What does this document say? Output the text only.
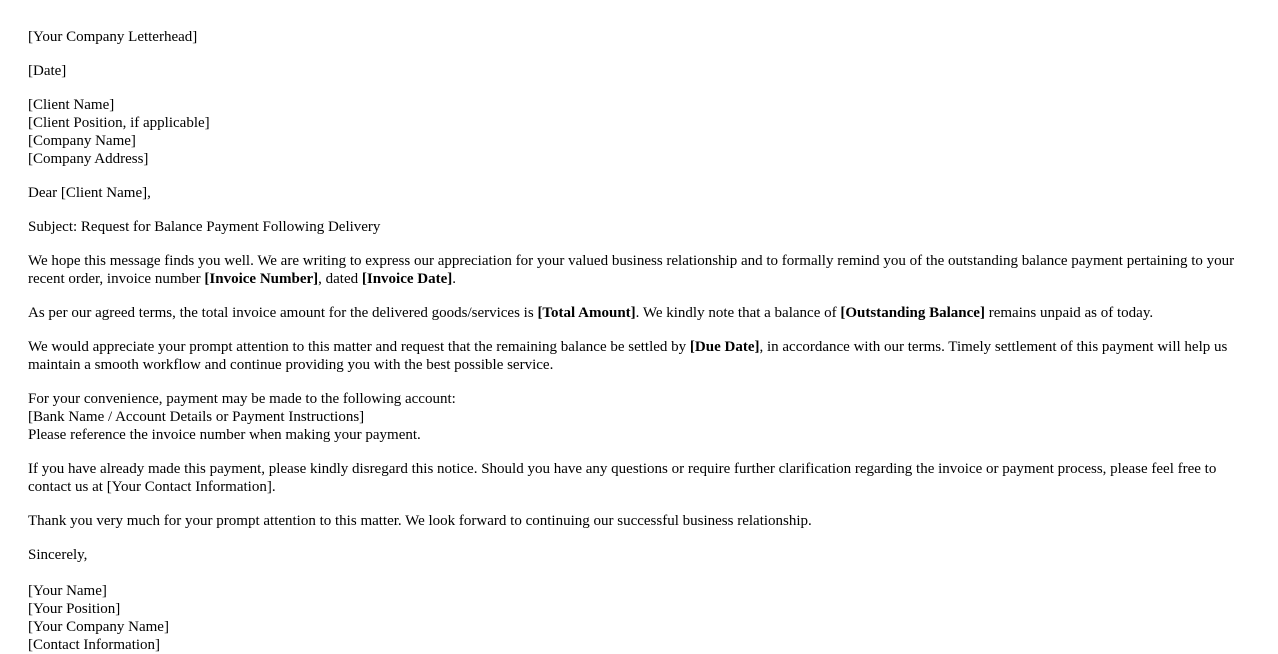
[Your Company Letterhead]
[Date]
[Client Name]
[Client Position, if applicable]
[Company Name]
[Company Address]

Dear [Client Name],

Subject: Request for Balance Payment Following Delivery

We hope this message finds you well. We are writing to express our appreciation for your valued business relationship and to formally remind you of the outstanding balance payment pertaining to your recent order, invoice number [Invoice Number], dated [Invoice Date].

As per our agreed terms, the total invoice amount for the delivered goods/services is [Total Amount]. We kindly note that a balance of [Outstanding Balance] remains unpaid as of today.

We would appreciate your prompt attention to this matter and request that the remaining balance be settled by [Due Date], in accordance with our terms. Timely settlement of this payment will help us maintain a smooth workflow and continue providing you with the best possible service.

For your convenience, payment may be made to the following account:
[Bank Name / Account Details or Payment Instructions]
Please reference the invoice number when making your payment.

If you have already made this payment, please kindly disregard this notice. Should you have any questions or require further clarification regarding the invoice or payment process, please feel free to contact us at [Your Contact Information].

Thank you very much for your prompt attention to this matter. We look forward to continuing our successful business relationship.

Sincerely,

[Your Name]
[Your Position]
[Your Company Name]
[Contact Information]
